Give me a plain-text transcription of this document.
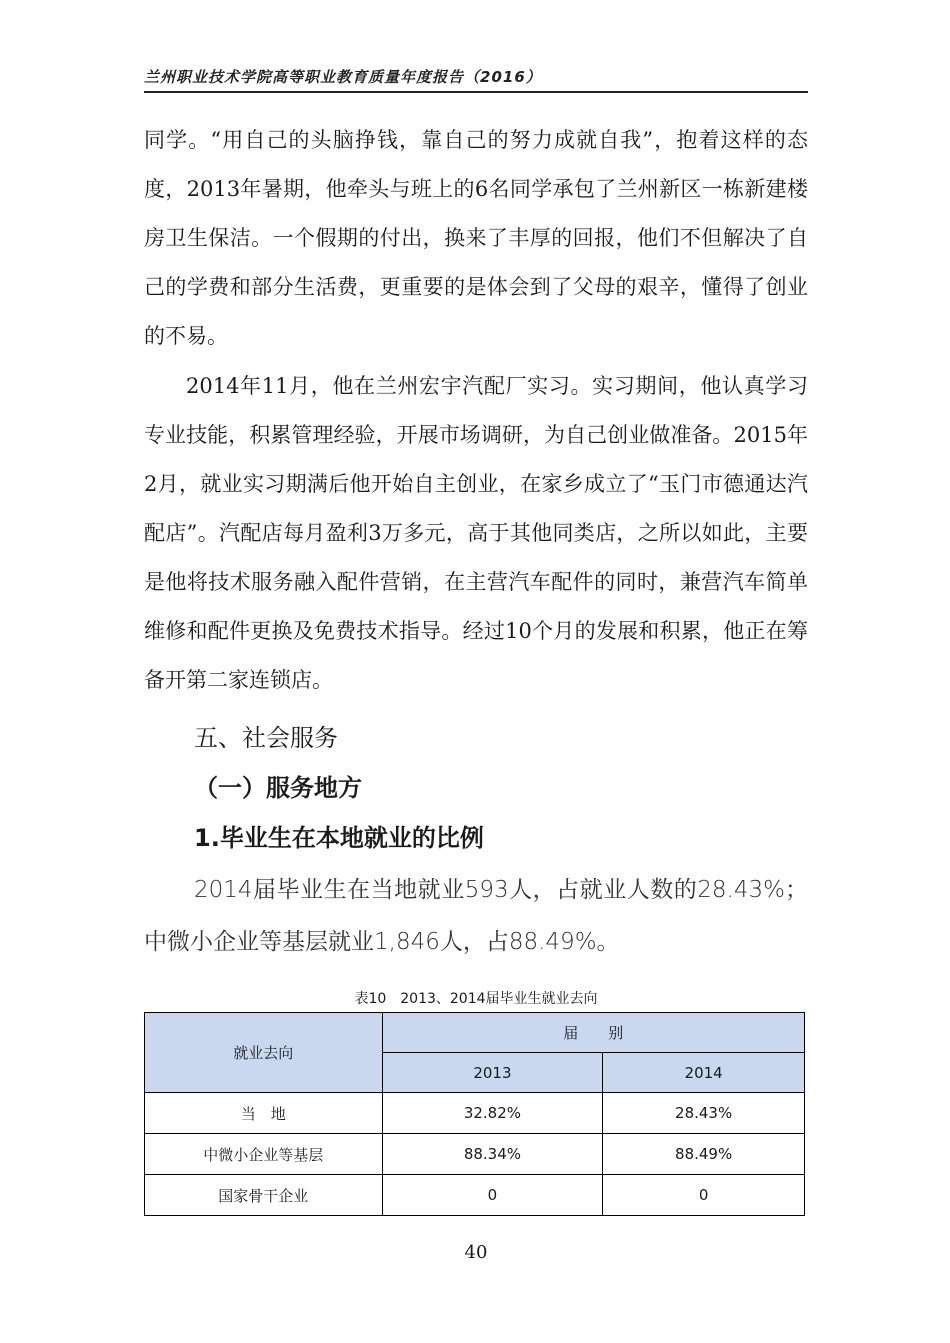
兰州职业技术学院高等职业教育质量年度报告（2016）

同学。“用自己的头脑挣钱，靠自己的努力成就自我”，抱着这样的态度，2013年暑期，他牵头与班上的6名同学承包了兰州新区一栋新建楼房卫生保洁。一个假期的付出，换来了丰厚的回报，他们不但解决了自己的学费和部分生活费，更重要的是体会到了父母的艰辛，懂得了创业的不易。

2014年11月，他在兰州宏宇汽配厂实习。实习期间，他认真学习专业技能，积累管理经验，开展市场调研，为自己创业做准备。2015年2月，就业实习期满后他开始自主创业，在家乡成立了“玉门市德通达汽配店”。汽配店每月盈利3万多元，高于其他同类店，之所以如此，主要是他将技术服务融入配件营销，在主营汽车配件的同时，兼营汽车简单维修和配件更换及免费技术指导。经过10个月的发展和积累，他正在筹备开第二家连锁店。

五、社会服务
（一）服务地方
1.毕业生在本地就业的比例

2014届毕业生在当地就业593人，占就业人数的28.43%；中微小企业等基层就业1,846人，占88.49%。

表10　2013、2014届毕业生就业去向
就业去向	届　　别	
	2013	2014
当　地	32.82%	28.43%
中微小企业等基层	88.34%	88.49%
国家骨干企业	0	0
40
